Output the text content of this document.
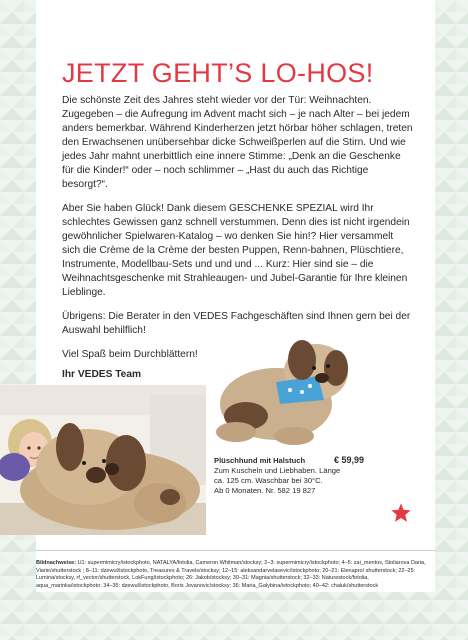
JETZT GEHT’S LO-HOS!

Die schönste Zeit des Jahres steht wieder vor der Tür: Weihnachten. Zugegeben – die Aufregung im Advent macht sich – je nach Alter – bei jedem anders bemerkbar. Während Kinderherzen jetzt hörbar höher schlagen, treten den Erwachsenen unübersehbar dicke Schweißperlen auf die Stirn. Und wie jedes Jahr mahnt unerbittlich eine innere Stimme: „Denk an die Geschenke für die Kinder!“ oder – noch schlimmer – „Hast du auch das Richtige besorgt?“.

Aber Sie haben Glück! Dank diesem GESCHENKE SPEZIAL wird Ihr schlechtes Gewissen ganz schnell verstummen. Denn dies ist nicht irgendein gewöhnlicher Spielwaren-Katalog – wo denken Sie hin!? Hier versammelt sich die Crème de la Crème der besten Puppen, Renn-bahnen, Plüschtiere, Instrumente, Modellbau-Sets und und und ... Kurz: Hier sind sie – die Weihnachtsgeschenke mit Strahleaugen- und Jubel-Garantie für Ihre kleinen Lieblinge.

Übrigens: Die Berater in den VEDES Fachgeschäften sind Ihnen gern bei der Auswahl behilflich!

Viel Spaß beim Durchblättern!

Ihr VEDES Team
Plüschhund mit Halstuch	€ 59,99
Zum Kuscheln und Liebhaben. Länge
ca. 125 cm. Waschbar bei 30°C.
Ab 0 Monaten. Nr. 582 19 827
Bildnachweise: U1: supermimicry/istockphoto, NATALYA/fotolia, Cameron Whitman/stocksy; 2–3: supermimicry/istockphoto; 4–5: zai_mentos, Stoliarova Daria, Viarie/shutterstock ; 8–11: dzewul/istockphoto, Treasures & Travels/stocksy; 12–15: aleksandarvelasevic/istockphoto; 20–21: Elenapro/ shutterstock; 22–25: Lumina/stocksy, rf_vector/shutterstock, LokFung/istockphoto; 26: Jakob/stocksy; 30–31: Magnia/shutterstock; 32–33: Naturestock/fotolia, aqua_marinka/istockphoto; 34–35: dzewul/istockphoto, Boris Jovanovic/stocksy; 36: Maria_Galybina/istockphoto; 40–42: chaluk/shutterstock
